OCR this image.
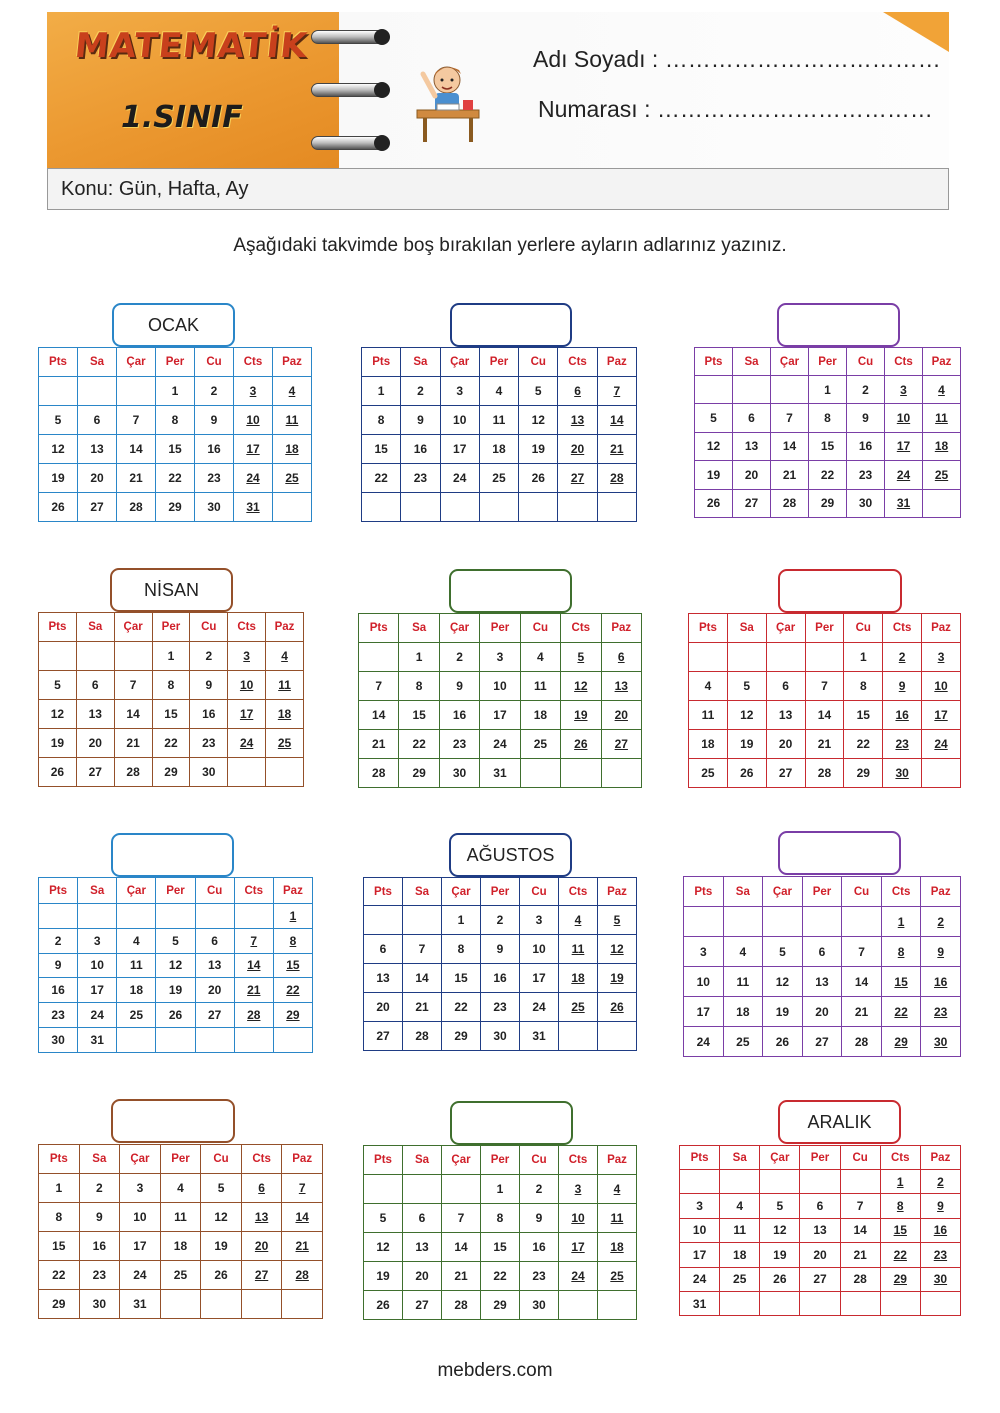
MATEMATİK
1.SINIF
Adı Soyadı : ………………………………
Numarası : ………………………………
Konu: Gün, Hafta, Ay
Aşağıdaki takvimde boş bırakılan yerlere ayların adlarınız yazınız.
OCAK
Pts	Sa	Çar	Per	Cu	Cts	Paz
			1	2	3	4
5	6	7	8	9	10	11
12	13	14	15	16	17	18
19	20	21	22	23	24	25
26	27	28	29	30	31	
Pts	Sa	Çar	Per	Cu	Cts	Paz
1	2	3	4	5	6	7
8	9	10	11	12	13	14
15	16	17	18	19	20	21
22	23	24	25	26	27	28

Pts	Sa	Çar	Per	Cu	Cts	Paz
			1	2	3	4
5	6	7	8	9	10	11
12	13	14	15	16	17	18
19	20	21	22	23	24	25
26	27	28	29	30	31	
NİSAN
Pts	Sa	Çar	Per	Cu	Cts	Paz
			1	2	3	4
5	6	7	8	9	10	11
12	13	14	15	16	17	18
19	20	21	22	23	24	25
26	27	28	29	30		
Pts	Sa	Çar	Per	Cu	Cts	Paz
	1	2	3	4	5	6
7	8	9	10	11	12	13
14	15	16	17	18	19	20
21	22	23	24	25	26	27
28	29	30	31			
Pts	Sa	Çar	Per	Cu	Cts	Paz
				1	2	3
4	5	6	7	8	9	10
11	12	13	14	15	16	17
18	19	20	21	22	23	24
25	26	27	28	29	30	
Pts	Sa	Çar	Per	Cu	Cts	Paz
						1
2	3	4	5	6	7	8
9	10	11	12	13	14	15
16	17	18	19	20	21	22
23	24	25	26	27	28	29
30	31					
AĞUSTOS
Pts	Sa	Çar	Per	Cu	Cts	Paz
		1	2	3	4	5
6	7	8	9	10	11	12
13	14	15	16	17	18	19
20	21	22	23	24	25	26
27	28	29	30	31		
Pts	Sa	Çar	Per	Cu	Cts	Paz
					1	2
3	4	5	6	7	8	9
10	11	12	13	14	15	16
17	18	19	20	21	22	23
24	25	26	27	28	29	30
Pts	Sa	Çar	Per	Cu	Cts	Paz
1	2	3	4	5	6	7
8	9	10	11	12	13	14
15	16	17	18	19	20	21
22	23	24	25	26	27	28
29	30	31				
Pts	Sa	Çar	Per	Cu	Cts	Paz
			1	2	3	4
5	6	7	8	9	10	11
12	13	14	15	16	17	18
19	20	21	22	23	24	25
26	27	28	29	30		
ARALIK
Pts	Sa	Çar	Per	Cu	Cts	Paz
					1	2
3	4	5	6	7	8	9
10	11	12	13	14	15	16
17	18	19	20	21	22	23
24	25	26	27	28	29	30
31						
mebders.com
